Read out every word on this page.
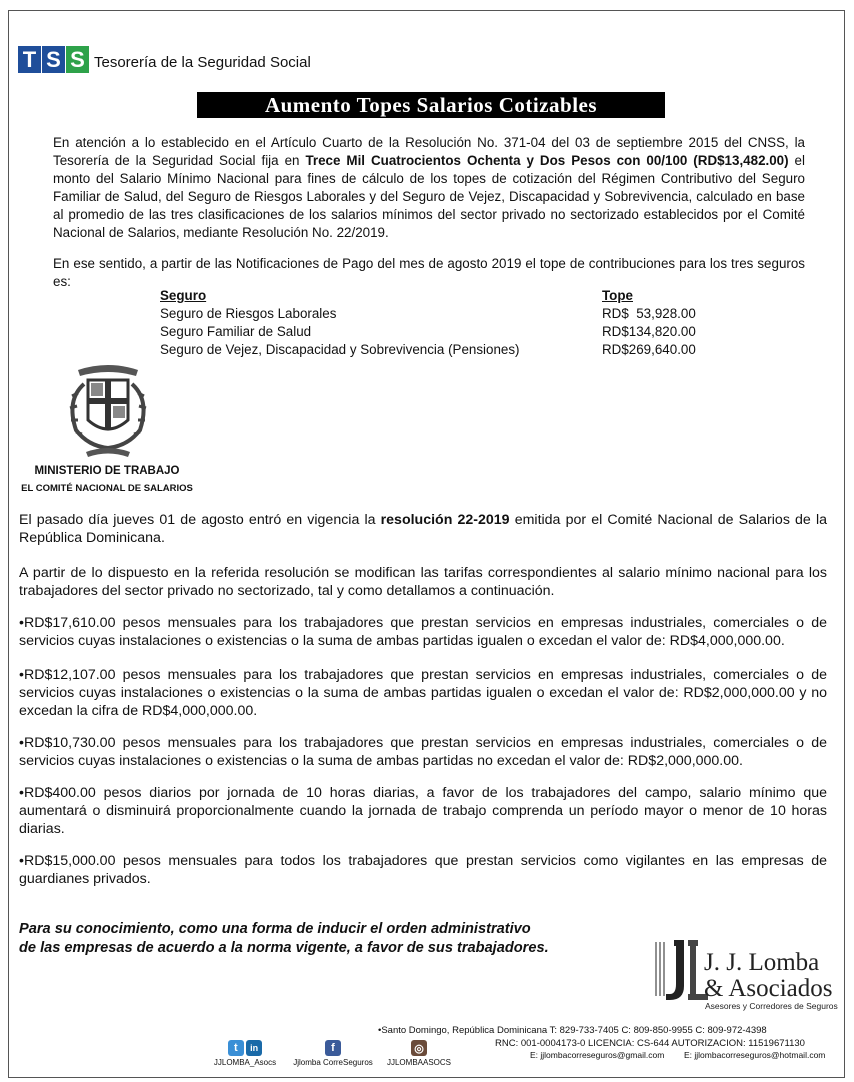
T S S Tesorería de la Seguridad Social
Aumento Topes Salarios Cotizables
En atención a lo establecido en el Artículo Cuarto de la Resolución No. 371-04 del 03 de septiembre 2015 del CNSS, la Tesorería de la Seguridad Social fija en Trece Mil Cuatrocientos Ochenta y Dos Pesos con 00/100 (RD$13,482.00) el monto del Salario Mínimo Nacional para fines de cálculo de los topes de cotización del Régimen Contributivo del Seguro Familiar de Salud, del Seguro de Riesgos Laborales y del Seguro de Vejez, Discapacidad y Sobrevivencia, calculado en base al promedio de las tres clasificaciones de los salarios mínimos del sector privado no sectorizado establecidos por el Comité Nacional de Salarios, mediante Resolución No. 22/2019.
En ese sentido, a partir de las Notificaciones de Pago del mes de agosto 2019 el tope de contribuciones para los tres seguros es:
Seguro	Tope
Seguro de Riesgos Laborales	RD$  53,928.00
Seguro Familiar de Salud	RD$134,820.00
Seguro de Vejez, Discapacidad y Sobrevivencia (Pensiones)	RD$269,640.00
MINISTERIO DE TRABAJO
EL COMITÉ NACIONAL DE SALARIOS
El pasado día jueves 01 de agosto entró en vigencia la resolución 22-2019 emitida por el Comité Nacional de Salarios de la República Dominicana.
A partir de lo dispuesto en la referida resolución se modifican las tarifas correspondientes al salario mínimo nacional para los trabajadores del sector privado no sectorizado, tal y como detallamos a continuación.
•RD$17,610.00 pesos mensuales para los trabajadores que prestan servicios en empresas industriales, comerciales o de servicios cuyas instalaciones o existencias o la suma de ambas partidas igualen o excedan el valor de: RD$4,000,000.00.
•RD$12,107.00 pesos mensuales para los trabajadores que prestan servicios en empresas industriales, comerciales o de servicios cuyas instalaciones o existencias o la suma de ambas partidas igualen o excedan el valor de: RD$2,000,000.00 y no excedan la cifra de RD$4,000,000.00.
•RD$10,730.00 pesos mensuales para los trabajadores que prestan servicios en empresas industriales, comerciales o de servicios cuyas instalaciones o existencias o la suma de ambas partidas no excedan el valor de: RD$2,000,000.00.
•RD$400.00 pesos diarios por jornada de 10 horas diarias, a favor de los trabajadores del campo, salario mínimo que aumentará o disminuirá proporcionalmente cuando la jornada de trabajo comprenda un período mayor o menor de 10 horas diarias.
•RD$15,000.00 pesos mensuales para todos los trabajadores que prestan servicios como vigilantes en las empresas de guardianes privados.
Para su conocimiento, como una forma de inducir el orden administrativo
de las empresas de acuerdo a la norma vigente, a favor de sus trabajadores.
J. J. Lomba
& Asociados
Asesores y Corredores de Seguros
•Santo Domingo, República Dominicana T: 829-733-7405 C: 809-850-9955 C: 809-972-4398
RNC: 001-0004173-0 LICENCIA: CS-644 AUTORIZACION: 11519671130
E: jjlombacorreseguros@gmail.com E: jjlombacorreseguros@hotmail.com
t in
JJLOMBA_Asocs
f
Jjlomba CorreSeguros
◎
JJLOMBAASOCS
